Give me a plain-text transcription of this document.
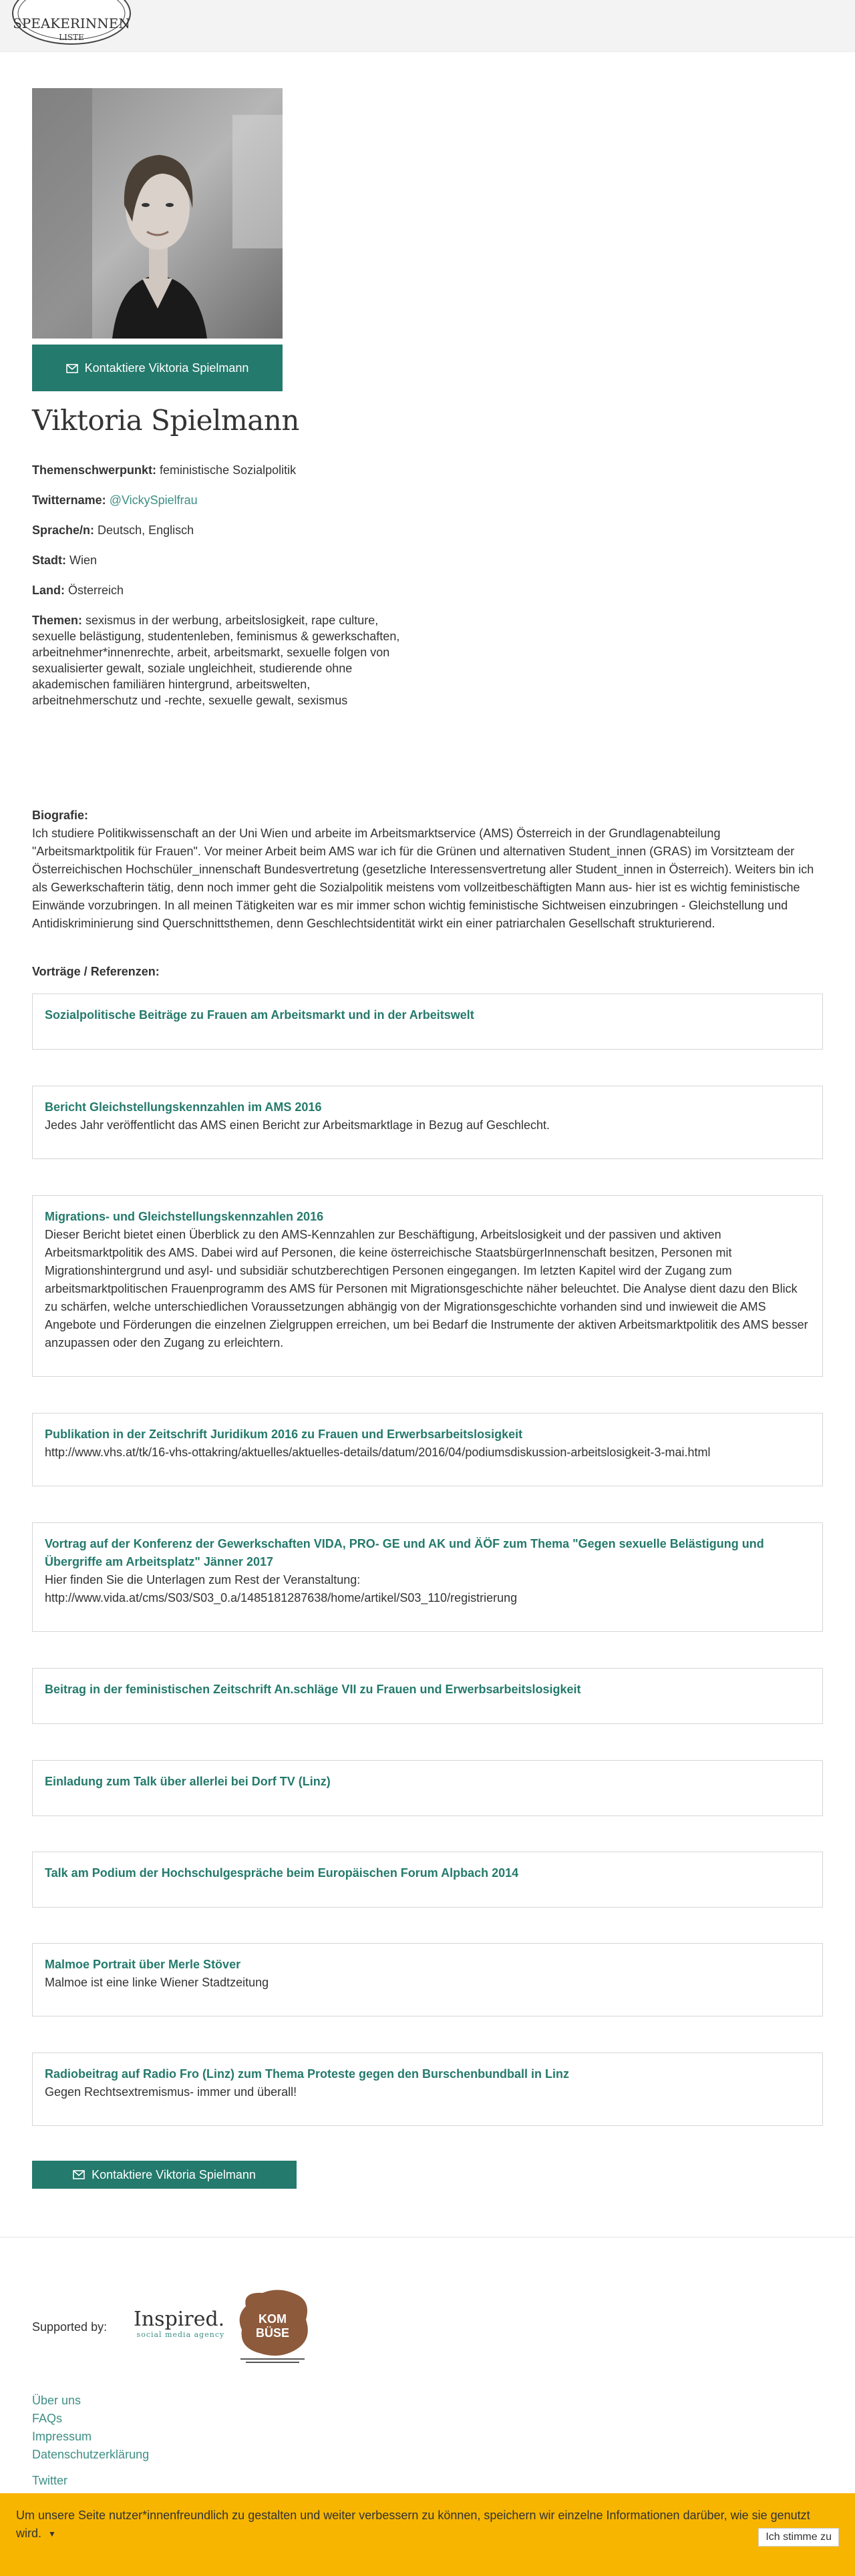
SPEAKERINNEN
LISTE
Kontaktiere Viktoria Spielmann
Viktoria Spielmann
Themenschwerpunkt: feministische Sozialpolitik
Twittername: @VickySpielfrau
Sprache/n: Deutsch, Englisch
Stadt: Wien
Land: Österreich
Themen: sexismus in der werbung, arbeitslosigkeit, rape culture, sexuelle belästigung, studentenleben, feminismus & gewerkschaften, arbeitnehmer*innenrechte, arbeit, arbeitsmarkt, sexuelle folgen von sexualisierter gewalt, soziale ungleichheit, studierende ohne akademischen familiären hintergrund, arbeitswelten, arbeitnehmerschutz und -rechte, sexuelle gewalt, sexismus
Biografie:
Ich studiere Politikwissenschaft an der Uni Wien und arbeite im Arbeitsmarktservice (AMS) Österreich in der Grundlagenabteilung "Arbeitsmarktpolitik für Frauen". Vor meiner Arbeit beim AMS war ich für die Grünen und alternativen Student_innen (GRAS) im Vorsitzteam der Österreichischen Hochschüler_innenschaft Bundesvertretung (gesetzliche Interessensvertretung aller Student_innen in Österreich). Weiters bin ich als Gewerkschafterin tätig, denn noch immer geht die Sozialpolitik meistens vom vollzeitbeschäftigten Mann aus- hier ist es wichtig feministische Einwände vorzubringen. In all meinen Tätigkeiten war es mir immer schon wichtig feministische Sichtweisen einzubringen - Gleichstellung und Antidiskriminierung sind Querschnittsthemen, denn Geschlechtsidentität wirkt ein einer patriarchalen Gesellschaft strukturierend.
Vorträge / Referenzen:
Sozialpolitische Beiträge zu Frauen am Arbeitsmarkt und in der Arbeitswelt
Bericht Gleichstellungskennzahlen im AMS 2016
Jedes Jahr veröffentlicht das AMS einen Bericht zur Arbeitsmarktlage in Bezug auf Geschlecht.
Migrations- und Gleichstellungskennzahlen 2016
Dieser Bericht bietet einen Überblick zu den AMS-Kennzahlen zur Beschäftigung, Arbeitslosigkeit und der passiven und aktiven Arbeitsmarktpolitik des AMS. Dabei wird auf Personen, die keine österreichische StaatsbürgerInnenschaft besitzen, Personen mit Migrationshintergrund und asyl- und subsidiär schutzberechtigen Personen eingegangen. Im letzten Kapitel wird der Zugang zum arbeitsmarktpolitischen Frauenprogramm des AMS für Personen mit Migrationsgeschichte näher beleuchtet. Die Analyse dient dazu den Blick zu schärfen, welche unterschiedlichen Voraussetzungen abhängig von der Migrationsgeschichte vorhanden sind und inwieweit die AMS Angebote und Förderungen die einzelnen Zielgruppen erreichen, um bei Bedarf die Instrumente der aktiven Arbeitsmarktpolitik des AMS besser anzupassen oder den Zugang zu erleichtern.
Publikation in der Zeitschrift Juridikum 2016 zu Frauen und Erwerbsarbeitslosigkeit
http://www.vhs.at/tk/16-vhs-ottakring/aktuelles/aktuelles-details/datum/2016/04/podiumsdiskussion-arbeitslosigkeit-3-mai.html
Vortrag auf der Konferenz der Gewerkschaften VIDA, PRO- GE und AK und ÄÖF zum Thema "Gegen sexuelle Belästigung und Übergriffe am Arbeitsplatz" Jänner 2017
Hier finden Sie die Unterlagen zum Rest der Veranstaltung: http://www.vida.at/cms/S03/S03_0.a/1485181287638/home/artikel/S03_110/registrierung
Beitrag in der feministischen Zeitschrift An.schläge VII zu Frauen und Erwerbsarbeitslosigkeit
Einladung zum Talk über allerlei bei Dorf TV (Linz)
Talk am Podium der Hochschulgespräche beim Europäischen Forum Alpbach 2014
Malmoe Portrait über Merle Stöver
Malmoe ist eine linke Wiener Stadtzeitung
Radiobeitrag auf Radio Fro (Linz) zum Thema Proteste gegen den Burschenbundball in Linz
Gegen Rechtsextremismus- immer und überall!
Kontaktiere Viktoria Spielmann
Supported by: Inspired.
social media agency
KOM
BÜSE
Über uns
FAQs
Impressum
Datenschutzerklärung
Twitter
Um unsere Seite nutzer*innenfreundlich zu gestalten und weiter verbessern zu können, speichern wir einzelne Informationen darüber, wie sie genutzt wird. ▼	Ich stimme zu
